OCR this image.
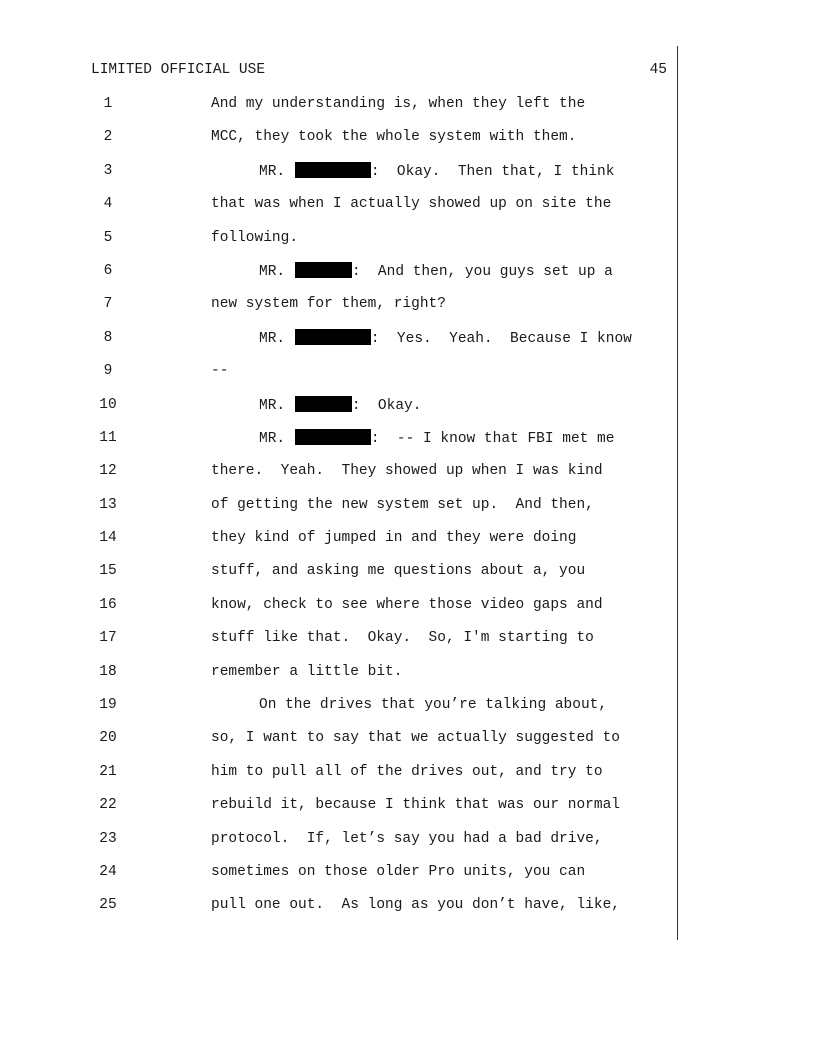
LIMITED OFFICIAL USE	45
1	And my understanding is, when they left the
2	MCC, they took the whole system with them.
3	MR.	:  Okay.  Then that, I think
4	that was when I actually showed up on site the
5	following.
6	MR.	:  And then, you guys set up a
7	new system for them, right?
8	MR.	:  Yes.  Yeah.  Because I know
9	--
10	MR.	:  Okay.
11	MR.	:  -- I know that FBI met me
12	there.  Yeah.  They showed up when I was kind
13	of getting the new system set up.  And then,
14	they kind of jumped in and they were doing
15	stuff, and asking me questions about a, you
16	know, check to see where those video gaps and
17	stuff like that.  Okay.  So, I'm starting to
18	remember a little bit.
19	On the drives that you’re talking about,
20	so, I want to say that we actually suggested to
21	him to pull all of the drives out, and try to
22	rebuild it, because I think that was our normal
23	protocol.  If, let’s say you had a bad drive,
24	sometimes on those older Pro units, you can
25	pull one out.  As long as you don’t have, like,
